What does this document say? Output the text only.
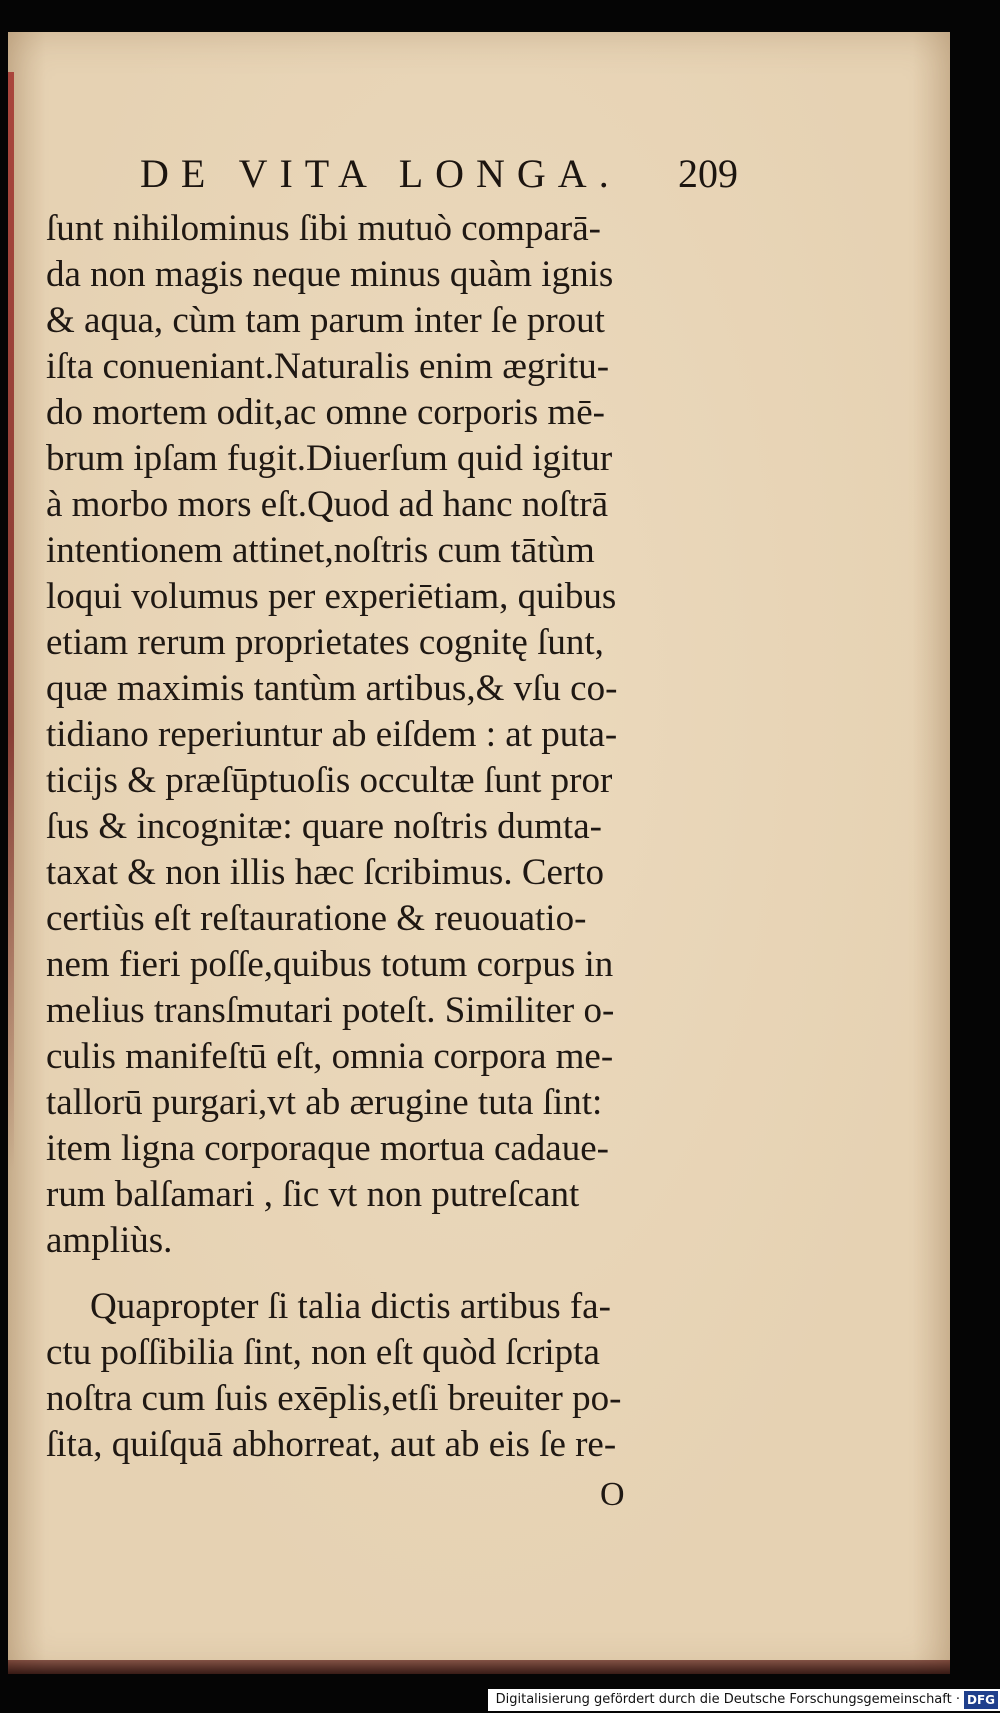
DE VITA LONGA.	209
ſunt nihilominus ſibi mutuò comparā-
da non magis neque minus quàm ignis
& aqua, cùm tam parum inter ſe prout
iſta conueniant.Naturalis enim ægritu-
do mortem odit,ac omne corporis mē-
brum ipſam fugit.Diuerſum quid igitur
à morbo mors eſt.Quod ad hanc noſtrā
intentionem attinet,noſtris cum tātùm
loqui volumus per experiētiam, quibus
etiam rerum proprietates cognitę ſunt,
quæ maximis tantùm artibus,& vſu co-
tidiano reperiuntur ab eiſdem : at puta-
ticijs & præſūptuoſis occultæ ſunt pror
ſus & incognitæ: quare noſtris dumta-
taxat & non illis hæc ſcribimus. Certo
certiùs eſt reſtauratione & reuouatio-
nem fieri poſſe,quibus totum corpus in
melius transſmutari poteſt. Similiter o-
culis manifeſtū eſt, omnia corpora me-
tallorū purgari,vt ab ærugine tuta ſint:
item ligna corporaque mortua cadaue-
rum balſamari , ſic vt non putreſcant
ampliùs.
Quapropter ſi talia dictis artibus fa-
ctu poſſibilia ſint, non eſt quòd ſcripta
noſtra cum ſuis exēplis,etſi breuiter po-
ſita, quiſquā abhorreat, aut ab eis ſe re-
O
Digitalisierung gefördert durch die Deutsche Forschungsgemeinschaft · DFG
